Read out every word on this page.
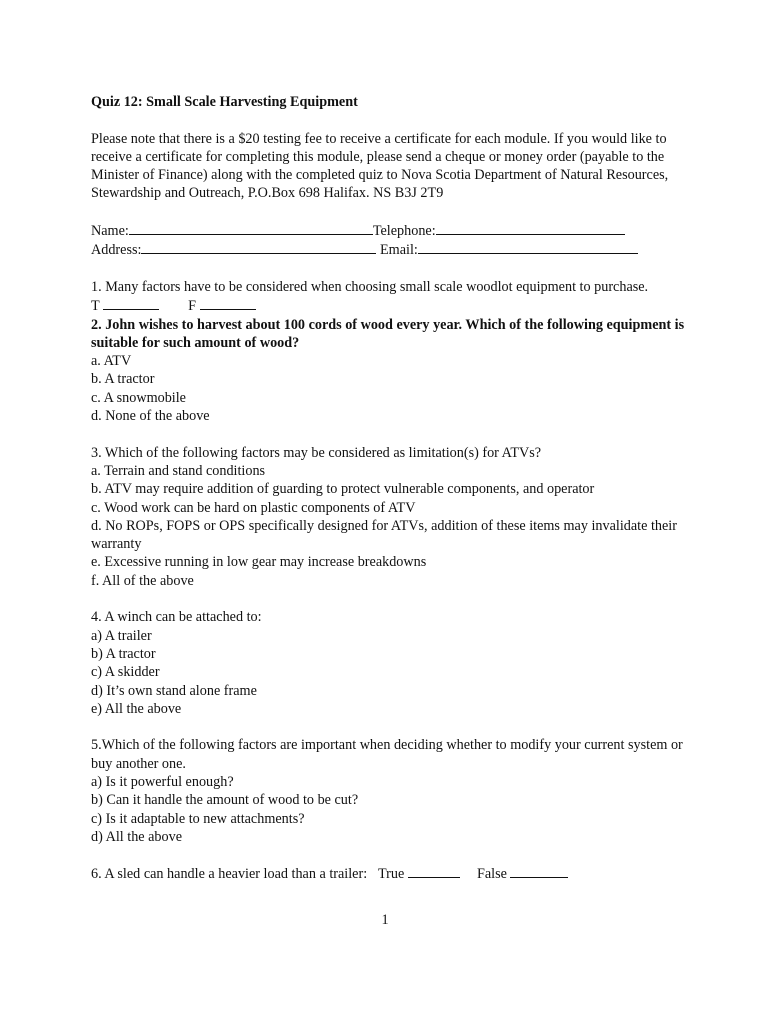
Quiz 12: Small Scale Harvesting Equipment

Please note that there is a $20 testing fee to receive a certificate for each module. If you would like to receive a certificate for completing this module, please send a cheque or money order (payable to the Minister of Finance) along with the completed quiz to Nova Scotia Department of Natural Resources, Stewardship and Outreach, P.O.Box 698 Halifax. NS B3J 2T9

Name:	Telephone:
Address:	Email:

1. Many factors have to be considered when choosing small scale woodlot equipment to purchase.

T	F

2. John wishes to harvest about 100 cords of wood every year. Which of the following equipment is suitable for such amount of wood?

a. ATV

b. A tractor

c. A snowmobile

d. None of the above

3. Which of the following factors may be considered as limitation(s) for ATVs?

a. Terrain and stand conditions

b. ATV may require addition of guarding to protect vulnerable components, and operator

c. Wood work can be hard on plastic components of ATV

d. No ROPs, FOPS or OPS specifically designed for ATVs, addition of these items may invalidate their warranty

e. Excessive running in low gear may increase breakdowns

f. All of the above

4. A winch can be attached to:

a) A trailer

b) A tractor

c) A skidder

d) It’s own stand alone frame

e) All the above

5.Which of the following factors are important when deciding whether to modify your current system or buy another one.

a) Is it powerful enough?

b) Can it handle the amount of wood to be cut?

c) Is it adaptable to new attachments?

d) All the above

6. A sled can handle a heavier load than a trailer: True	False
1
